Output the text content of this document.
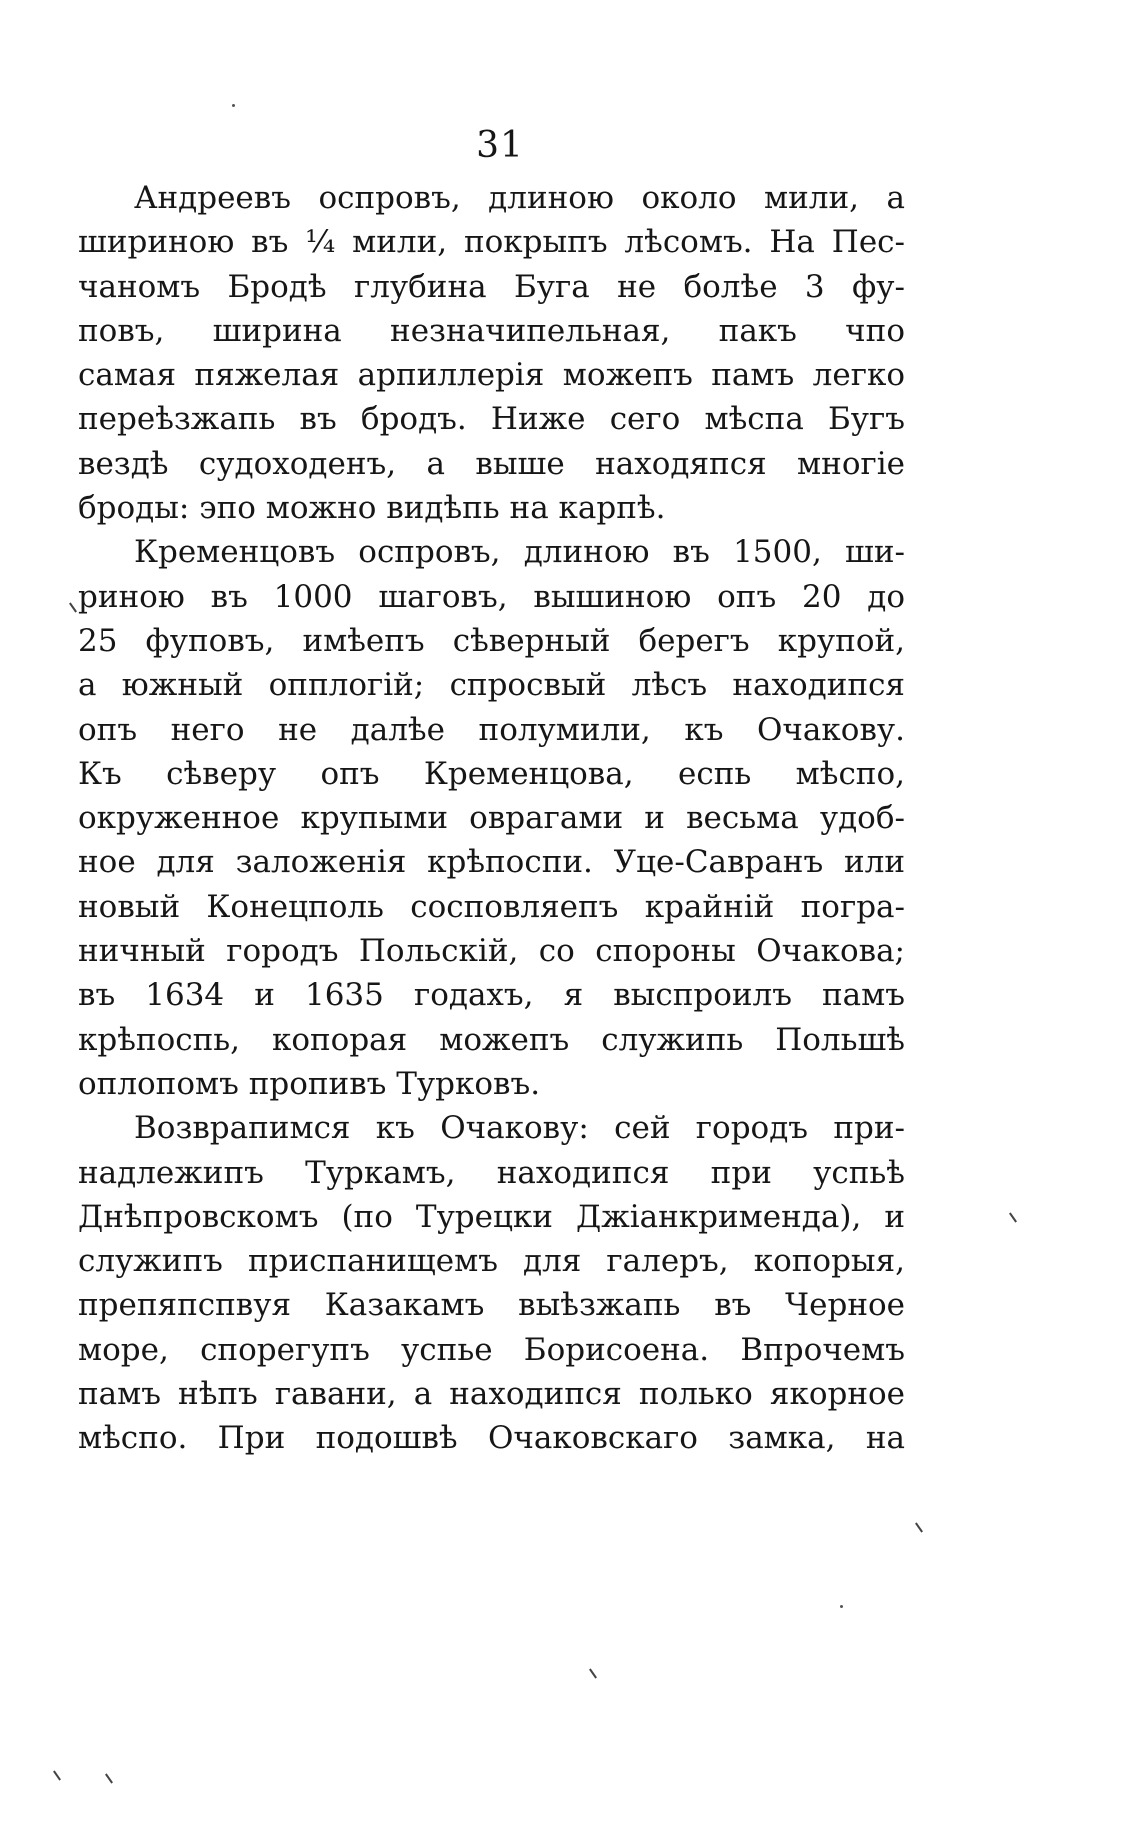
31
Андреевъ оспровъ, длиною около мили, а
шириною въ ¼ мили, покрыпъ лѣсомъ. На Пес-
чаномъ Бродѣ глубина Буга не болѣе 3 фу-
повъ, ширина незначипельная, пакъ чпо
самая пяжелая арпиллерія можепъ памъ легко
переѣзжапь въ бродъ. Ниже сего мѣспа Бугъ
вездѣ судоходенъ, а выше находяпся многіе
броды: эпо можно видѣпь на карпѣ.
Кременцовъ оспровъ, длиною въ 1500, ши-
риною въ 1000 шаговъ, вышиною опъ 20 до
25 фуповъ, имѣепъ сѣверный берегъ крупой,
а южный опплогій; спросвый лѣсъ находипся
опъ него не далѣе полумили, къ Очакову.
Къ сѣверу опъ Кременцова, еспь мѣспо,
окруженное крупыми оврагами и весьма удоб-
ное для заложенія крѣпоспи. Уце-Савранъ или
новый Конецполь сосповляепъ крайній погра-
ничный городъ Польскій, со спороны Очакова;
въ 1634 и 1635 годахъ, я выспроилъ памъ
крѣпоспь, копорая можепъ служипь Польшѣ
оплопомъ пропивъ Турковъ.
Возврапимся къ Очакову: сей городъ при-
надлежипъ Туркамъ, находипся при успьѣ
Днѣпровскомъ (по Турецки Джіанкримендa), и
служипъ приспанищемъ для галеръ, копорыя,
препяпспвуя Казакамъ выѣзжапь въ Черное
море, спорегупъ успье Борисоена. Впрочемъ
памъ нѣпъ гавани, а находипся полько якорное
мѣспо. При подошвѣ Очаковскаго замка, на
